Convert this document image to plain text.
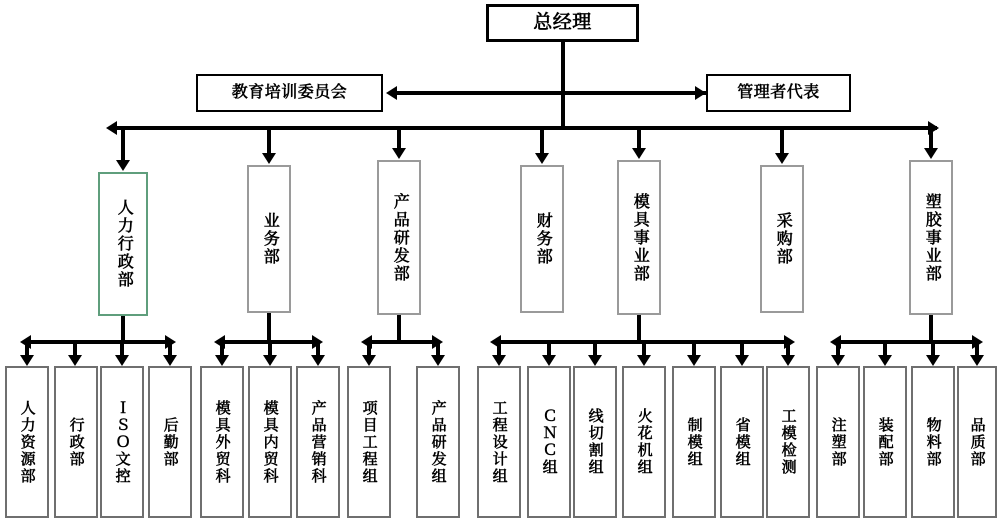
总经理
教育培训委员会	管理者代表
人力行政部	业务部	产品研发部	财务部	模具事业部	采购部	塑胶事业部
人力资源部	行政部	ＩＳＯ文控	后勤部	模具外贸科	模具内贸科	产品营销科	项目工程组	产品研发组	工程设计组	ＣＮＣ组	线切割组	火花机组	制模组	省模组	工模检测	注塑部	装配部	物料部	品质部
